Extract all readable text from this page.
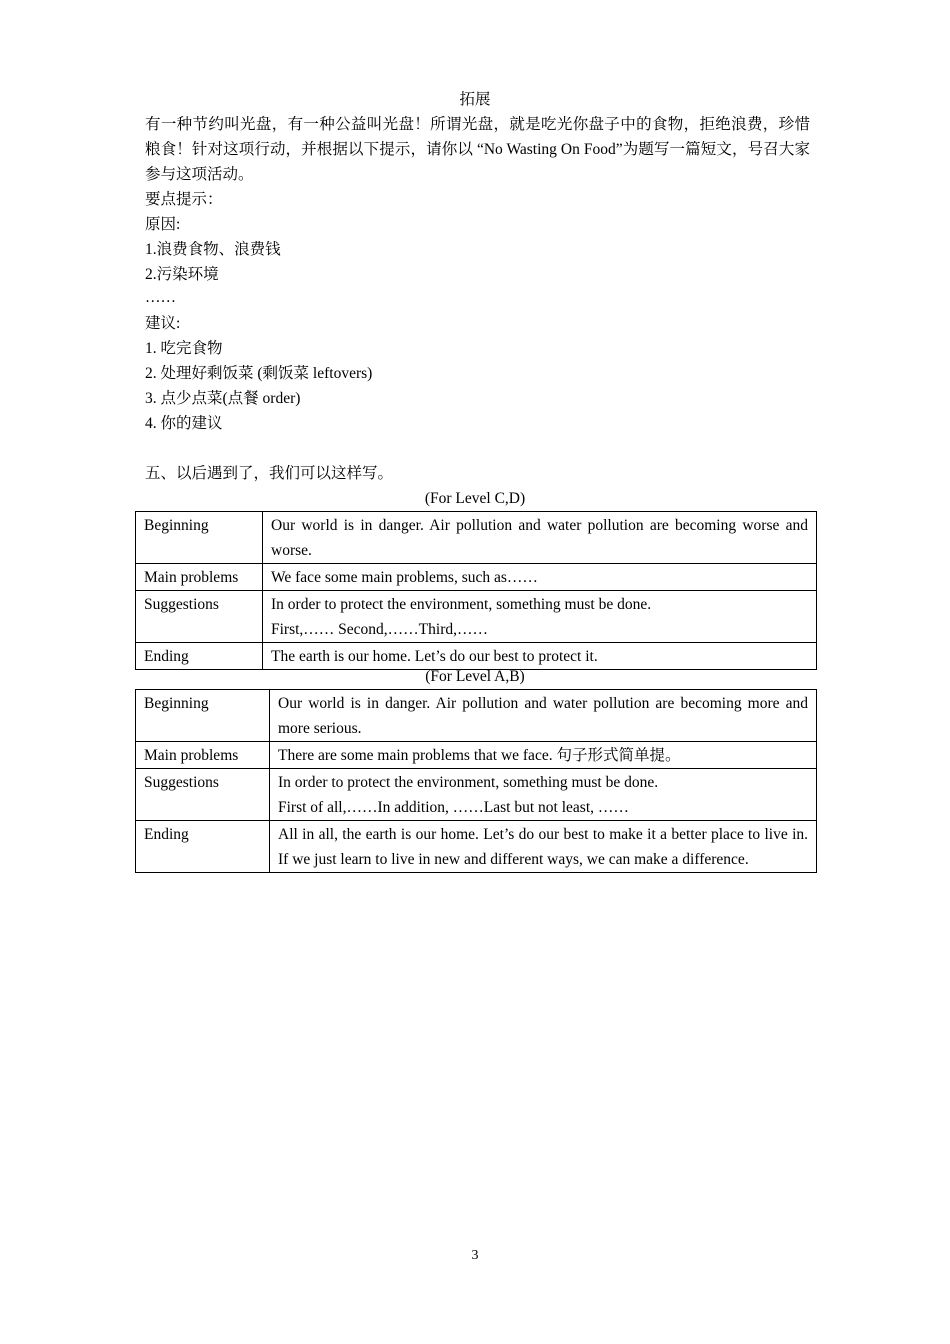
拓展
有一种节约叫光盘，有一种公益叫光盘！所谓光盘，就是吃光你盘子中的食物，拒绝浪费，珍惜粮食！针对这项行动，并根据以下提示，请你以 “No Wasting On Food”为题写一篇短文，号召大家参与这项活动。
要点提示：
原因:
1.浪费食物、浪费钱
2.污染环境
……
建议:
1. 吃完食物
2. 处理好剩饭菜 (剩饭菜 leftovers)
3. 点少点菜(点餐 order)
4. 你的建议
五、以后遇到了，我们可以这样写。
(For Level C,D)
Beginning	Our world is in danger. Air pollution and water pollution are becoming worse and worse.
Main problems	We face some main problems, such as……
Suggestions	In order to protect the environment, something must be done.
First,…… Second,……Third,……

Ending	The earth is our home. Let’s do our best to protect it.
(For Level A,B)
Beginning	Our world is in danger. Air pollution and water pollution are becoming more and more serious.
Main problems	There are some main problems that we face. 句子形式简单提。
Suggestions	In order to protect the environment, something must be done.
First of all,……In addition, ……Last but not least, ……

Ending	All in all, the earth is our home. Let’s do our best to make it a better place to live in. If we just learn to live in new and different ways, we can make a difference.
3
